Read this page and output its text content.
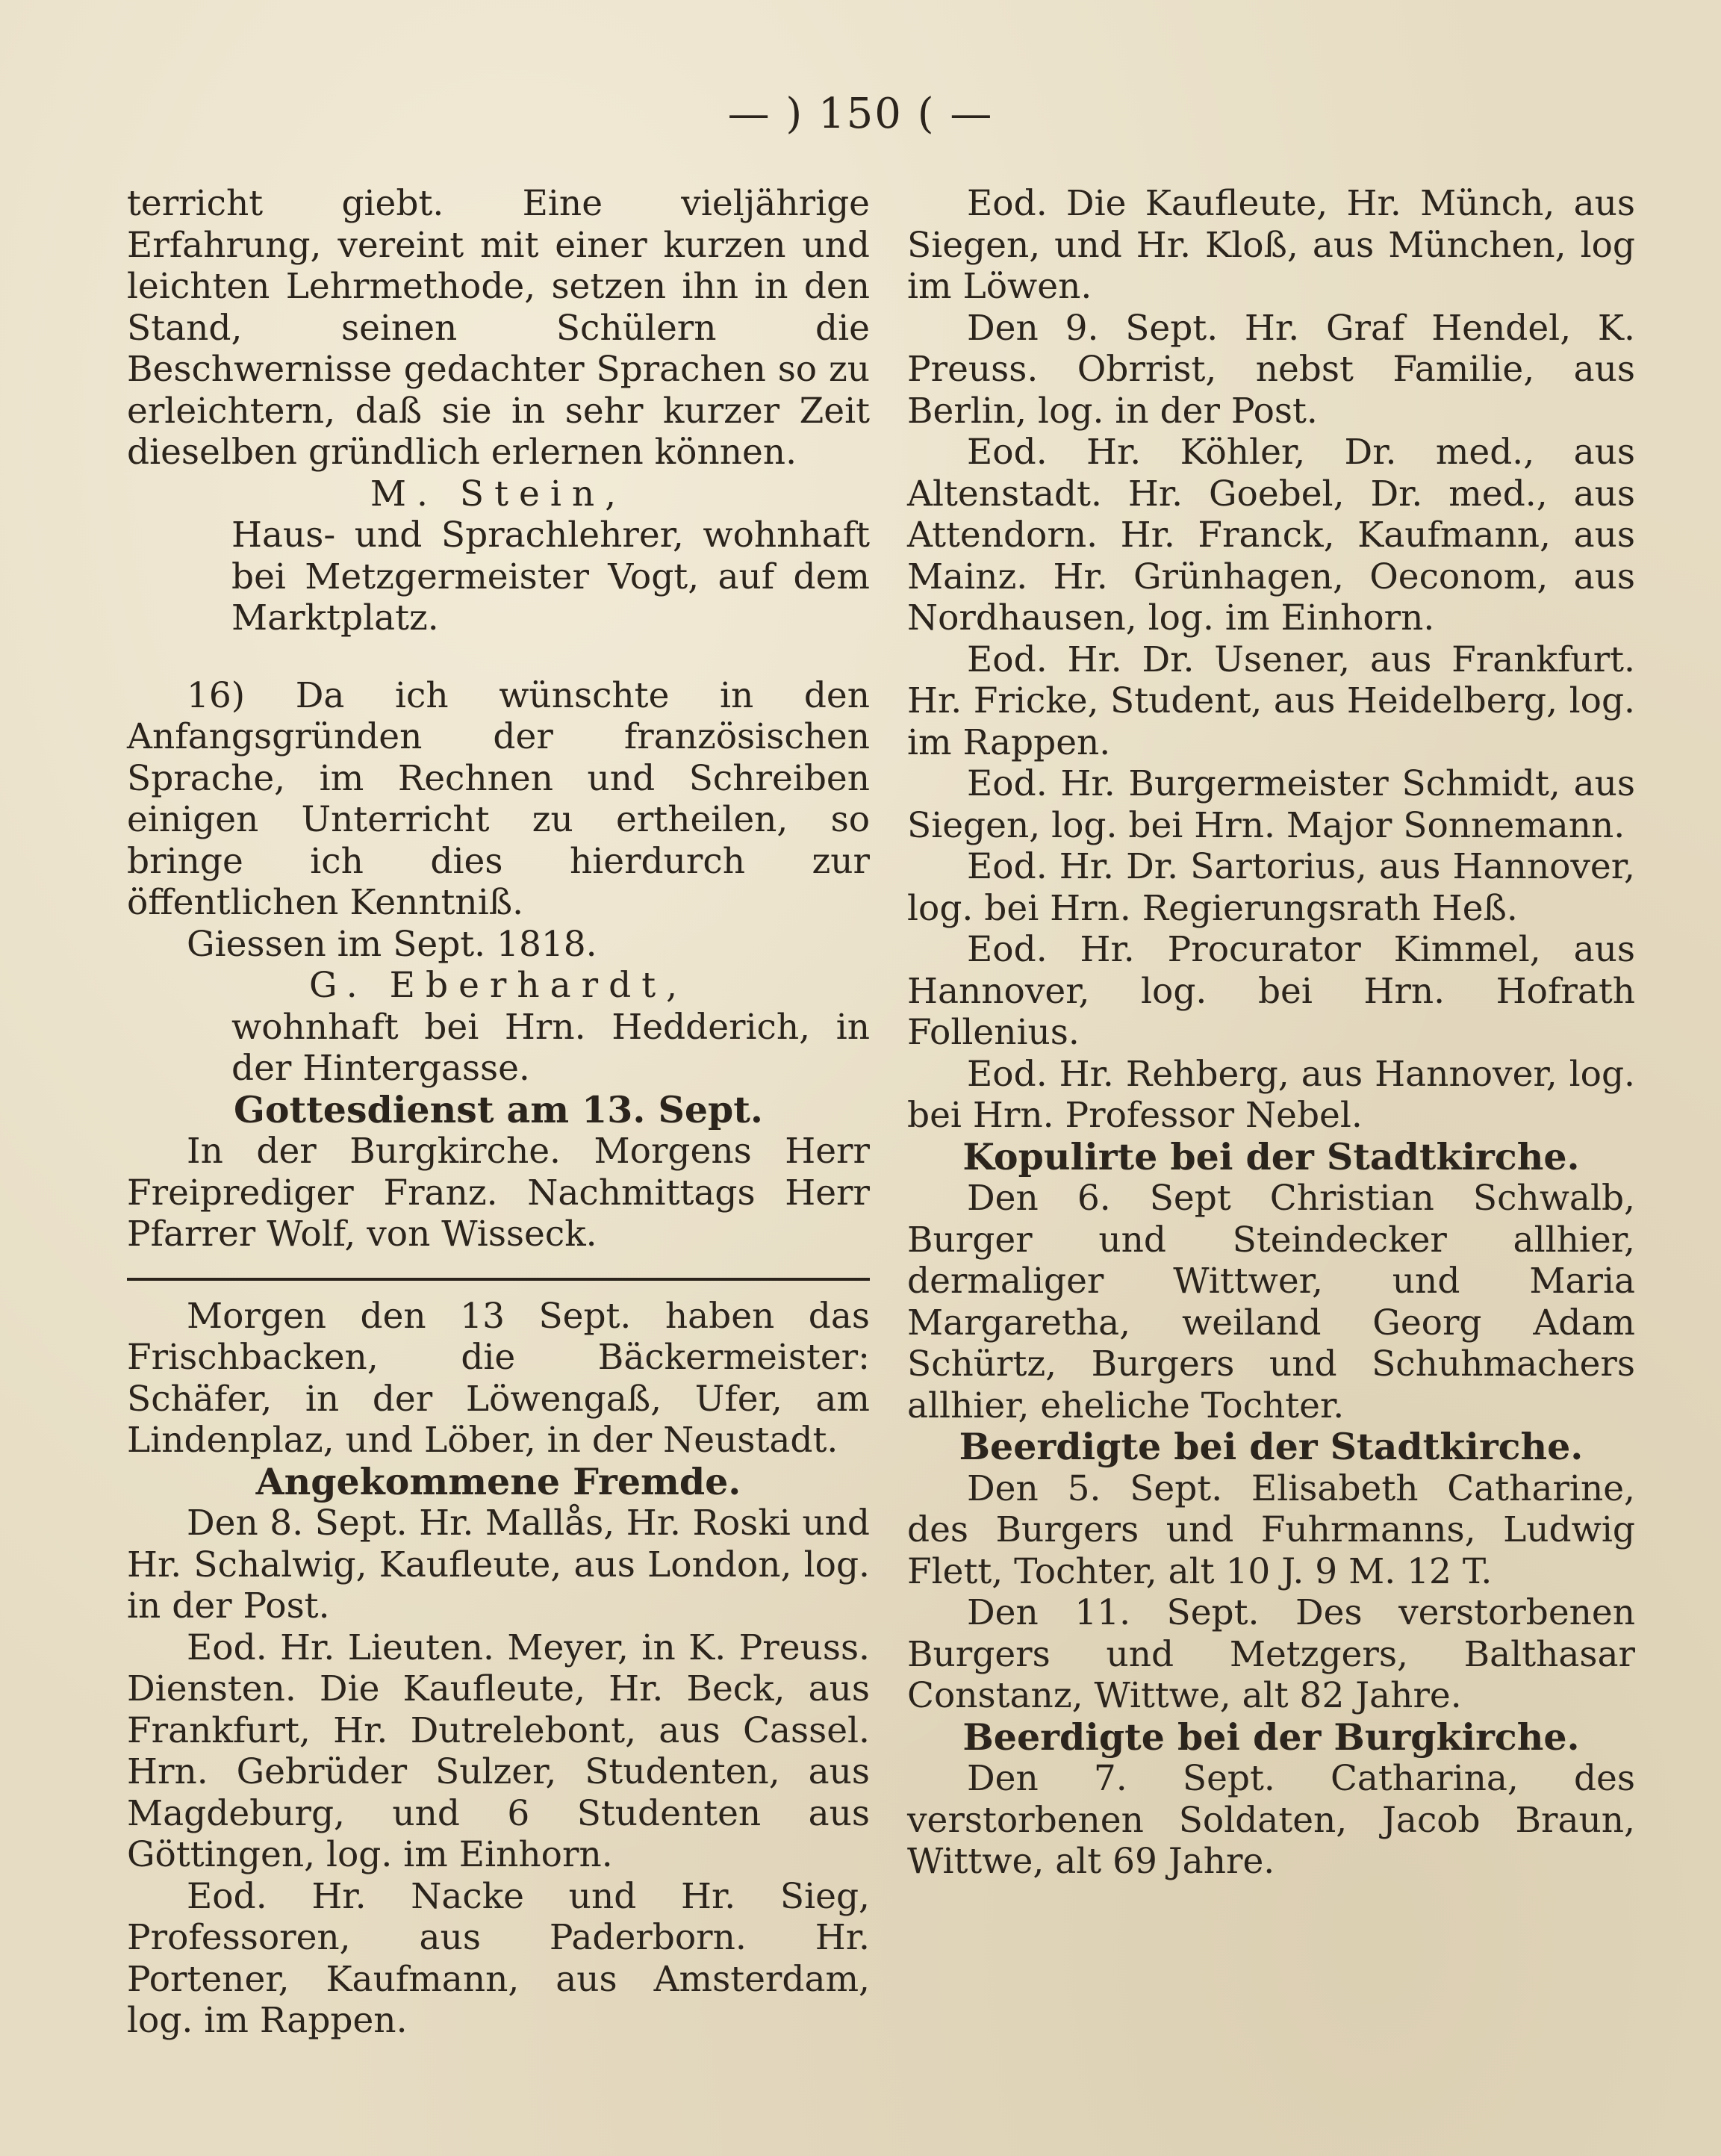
— ) 150 ( —

terricht giebt. Eine vieljährige Erfahrung, vereint mit einer kurzen und leichten Lehrmethode, setzen ihn in den Stand, seinen Schülern die Beschwernisse gedachter Sprachen so zu erleichtern, daß sie in sehr kurzer Zeit dieselben gründlich erlernen können.

M. Stein,

Haus- und Sprachlehrer, wohnhaft bei Metzgermeister Vogt, auf dem Marktplatz.

16) Da ich wünschte in den Anfangsgründen der französischen Sprache, im Rechnen und Schreiben einigen Unterricht zu ertheilen, so bringe ich dies hierdurch zur öffentlichen Kenntniß.

Giessen im Sept. 1818.

G. Eberhardt,

wohnhaft bei Hrn. Hedderich, in der Hintergasse.

Gottesdienst am 13. Sept.

In der Burgkirche. Morgens Herr Freiprediger Franz. Nachmittags Herr Pfarrer Wolf, von Wisseck.

Morgen den 13 Sept. haben das Frischbacken, die Bäckermeister: Schäfer, in der Löwengaß, Ufer, am Lindenplaz, und Löber, in der Neustadt.

Angekommene Fremde.

Den 8. Sept. Hr. Mallås, Hr. Roski und Hr. Schalwig, Kaufleute, aus London, log. in der Post.

Eod. Hr. Lieuten. Meyer, in K. Preuss. Diensten. Die Kaufleute, Hr. Beck, aus Frankfurt, Hr. Dutrelebont, aus Cassel. Hrn. Gebrüder Sulzer, Studenten, aus Magdeburg, und 6 Studenten aus Göttingen, log. im Einhorn.

Eod. Hr. Nacke und Hr. Sieg, Professoren, aus Paderborn. Hr. Portener, Kaufmann, aus Amsterdam, log. im Rappen.

Eod. Die Kaufleute, Hr. Münch, aus Siegen, und Hr. Kloß, aus München, log im Löwen.

Den 9. Sept. Hr. Graf Hendel, K. Preuss. Obrrist, nebst Familie, aus Berlin, log. in der Post.

Eod. Hr. Köhler, Dr. med., aus Altenstadt. Hr. Goebel, Dr. med., aus Attendorn. Hr. Franck, Kaufmann, aus Mainz. Hr. Grünhagen, Oeconom, aus Nordhausen, log. im Einhorn.

Eod. Hr. Dr. Usener, aus Frankfurt. Hr. Fricke, Student, aus Heidelberg, log. im Rappen.

Eod. Hr. Burgermeister Schmidt, aus Siegen, log. bei Hrn. Major Sonnemann.

Eod. Hr. Dr. Sartorius, aus Hannover, log. bei Hrn. Regierungsrath Heß.

Eod. Hr. Procurator Kimmel, aus Hannover, log. bei Hrn. Hofrath Follenius.

Eod. Hr. Rehberg, aus Hannover, log. bei Hrn. Professor Nebel.

Kopulirte bei der Stadtkirche.

Den 6. Sept Christian Schwalb, Burger und Steindecker allhier, dermaliger Wittwer, und Maria Margaretha, weiland Georg Adam Schürtz, Burgers und Schuhmachers allhier, eheliche Tochter.

Beerdigte bei der Stadtkirche.

Den 5. Sept. Elisabeth Catharine, des Burgers und Fuhrmanns, Ludwig Flett, Tochter, alt 10 J. 9 M. 12 T.

Den 11. Sept. Des verstorbenen Burgers und Metzgers, Balthasar Constanz, Wittwe, alt 82 Jahre.

Beerdigte bei der Burgkirche.

Den 7. Sept. Catharina, des verstorbenen Soldaten, Jacob Braun, Wittwe, alt 69 Jahre.
